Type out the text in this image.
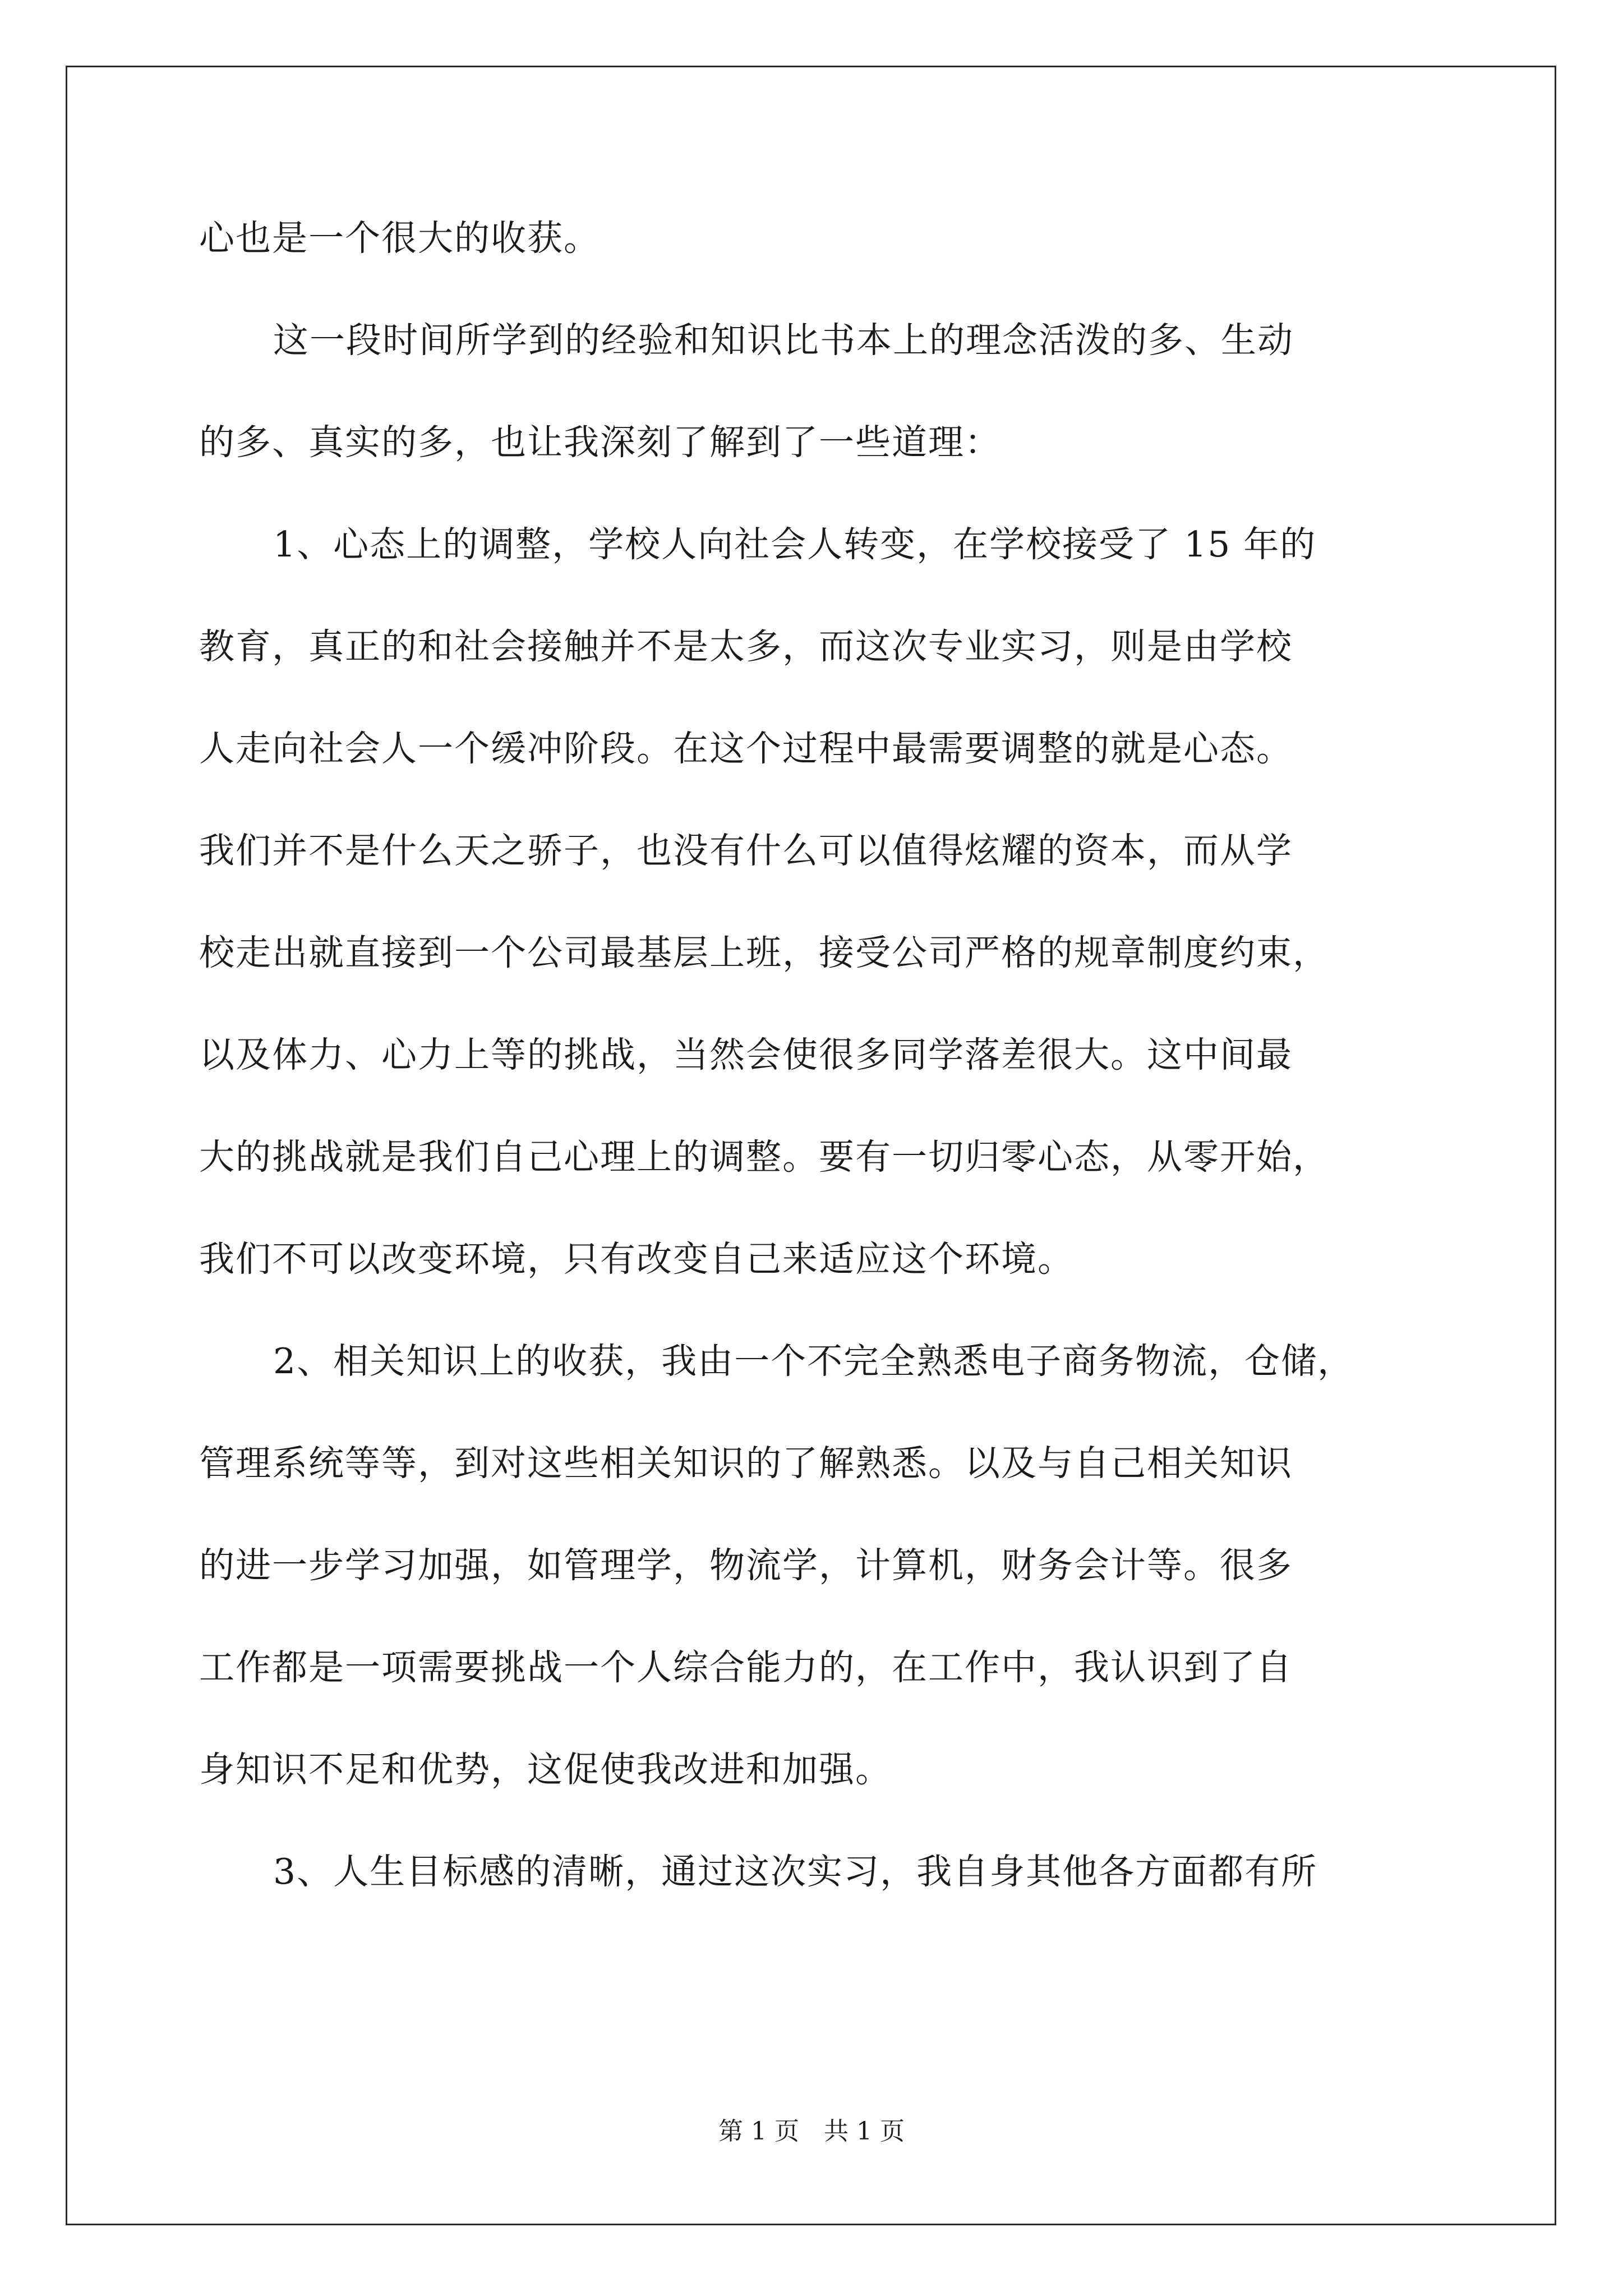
心也是一个很大的收获。
这一段时间所学到的经验和知识比书本上的理念活泼的多、生动
的多、真实的多，也让我深刻了解到了一些道理：
1、心态上的调整，学校人向社会人转变，在学校接受了 15 年的
教育，真正的和社会接触并不是太多，而这次专业实习，则是由学校
人走向社会人一个缓冲阶段。在这个过程中最需要调整的就是心态。
我们并不是什么天之骄子，也没有什么可以值得炫耀的资本，而从学
校走出就直接到一个公司最基层上班，接受公司严格的规章制度约束，
以及体力、心力上等的挑战，当然会使很多同学落差很大。这中间最
大的挑战就是我们自己心理上的调整。要有一切归零心态，从零开始，
我们不可以改变环境，只有改变自己来适应这个环境。
2、相关知识上的收获，我由一个不完全熟悉电子商务物流，仓储，
管理系统等等，到对这些相关知识的了解熟悉。以及与自己相关知识
的进一步学习加强，如管理学，物流学，计算机，财务会计等。很多
工作都是一项需要挑战一个人综合能力的，在工作中，我认识到了自
身知识不足和优势，这促使我改进和加强。
3、人生目标感的清晰，通过这次实习，我自身其他各方面都有所
第 1 页　共 1 页
